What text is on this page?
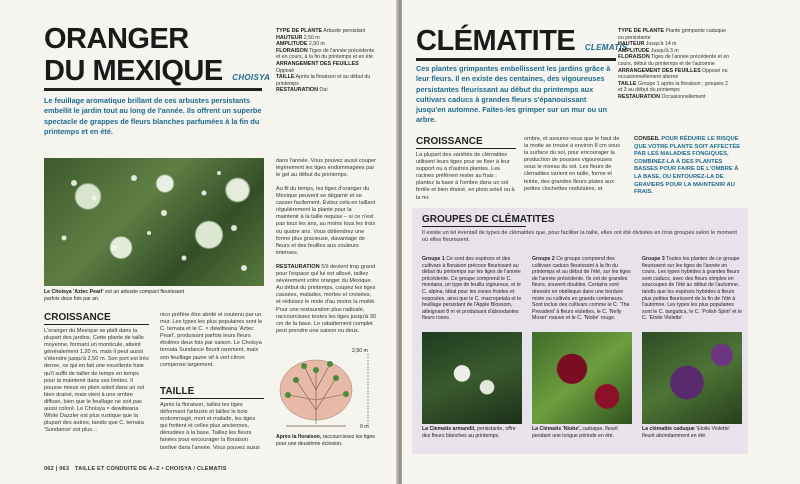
ORANGER
DU MEXIQUE CHOISYA
TYPE DE PLANTE Arbuste persistant
HAUTEUR 2,50 m
AMPLITUDE 2,50 m
FLORAISON Tiges de l'année précédente et en cours, à la fin du printemps et en été
ARRANGEMENT DES FEUILLES Opposé
TAILLE Après la floraison et au début du printemps
RESTAURATION Oui
Le feuillage aromatique brillant de ces arbustes persistants embellit le jardin tout au long de l'année. Ils offrent un superbe spectacle de grappes de fleurs blanches parfumées à la fin du printemps et en été.
Le Choisya 'Aztec Pearl' est un arbuste compact fleurissant parfois deux fois par an.
CROISSANCE
L'oranger du Mexique se plaît dans la plupart des jardins. Cette plante de taille moyenne, formant un monticule, atteint généralement 1,20 m, mais il peut aussi s'étendre jusqu'à 2,50 m. Son port est très dense, ce qui en fait une excellente haie qu'il suffit de tailler de temps en temps pour la maintenir dans ses limites. Il pousse mieux en plein soleil dans un sol bien drainé, mais vient à une ombre diffuse, bien que le feuillage ne soit pas aussi coloré. Le Choisya × dewitteana White Dazzler est plus rustique que la plupart des autres, tandis que C. ternata 'Sundance' est plus…
nico préfère être abrité et soutenu par un mur. Les types les plus populaires sont le C. ternata et le C. × dewitteana 'Aztec Pearl', produisant parfois leurs fleurs étoilées deux fois par saison. Le Choisya ternata Sundance fleurit rarement, mais son feuillage jaune vif à vert citron compense largement.
TAILLE
Après la floraison, taillez les tiges déformant l'arbuste et taillez le bois endommagé, mort et malade, les tiges qui frottent et celles plus anciennes, dénudées à la base. Taillez les fleurs fanées pour encourager la floraison tardive dans l'année. Vous pouvez aussi
dans l'année. Vous pouvez aussi couper légèrement les tiges endommagées par le gel au début du printemps.
Au fil du temps, les tiges d'oranger du Mexique peuvent se dégarnir et se casser facilement. Évitez cela en taillant régulièrement la plante pour la maintenir à la taille requise – si ce n'est pas tous les ans, au moins tous les trois ou quatre ans. Vous obtiendrez une forme plus gracieuse, davantage de fleurs et des feuilles aux couleurs intenses.
RESTAURATION S'il devient trop grand pour l'espace qui lui est alloué, taillez sévèrement votre oranger du Mexique. Au début du printemps, coupez les tiges cassées, malades, mortes et croisées, et réduisez le reste d'au moins la moitié. Pour une restauration plus radicale, raccourcissez toutes les tiges jusqu'à 30 cm de la base. Le rabattement complet peut prendre une saison ou deux.
2,50 m
0 m
Après la floraison, raccourcissez les tiges pour une deuxième éclosion.
062 | 063 TAILLE ET CONDUITE DE A–Z • CHOISYA / CLEMATIS
CLÉMATITE CLEMATIS
TYPE DE PLANTE Plante grimpante caduque ou persistante
HAUTEUR Jusqu'à 14 m
AMPLITUDE Jusqu'à 3 m
FLORAISON Tiges de l'année précédente et en cours, début du printemps et de l'automne
ARRANGEMENT DES FEUILLES Opposé ou occasionnellement alterné
TAILLE Groupe 1 après la floraison ; groupes 2 et 3 au début du printemps
RESTAURATION Occasionnellement
Ces plantes grimpantes embellissent les jardins grâce à leur fleurs. Il en existe des centaines, des vigoureuses persistantes fleurissant au début du printemps aux cultivars caducs à grandes fleurs s'épanouissant jusqu'en automne. Faites-les grimper sur un mur ou un arbre.
CROISSANCE
La plupart des variétés de clématites utilisent leurs tiges pour se fixer à leur support ou à d'autres plantes. Les racines préfèrent rester au frais ; plantez la base à l'ombre dans un sol fertile et bien drainé, en plein soleil ou à la mi-
ombre, et assurez-vous que le haut de la motte se trouve à environ 8 cm sous la surface du sol, pour encourager la production de pousses vigoureuses sous le niveau du sol. Les fleurs de clématites varient en taille, forme et teinte, des grandes fleurs plates aux petites clochettes nodulaires, et
CONSEIL POUR RÉDUIRE LE RISQUE QUE VOTRE PLANTE SOIT AFFECTÉE PAR LES MALADIES FONGIQUES, COMBINEZ-LA À DES PLANTES BASSES POUR FAIRE DE L'OMBRE À LA BASE, OU ENTOUREZ-LA DE GRAVIERS POUR LA MAINTENIR AU FRAIS.
GROUPES DE CLÉMATITES
Il existe un tel éventail de types de clématites que, pour faciliter la taille, elles ont été divisées en trois groupes selon le moment où elles fleurissent.
Groupe 1 Ce sont des espèces et des cultivars à floraison précoce fleurissant au début du printemps sur les tiges de l'année précédente. Ce groupe comprend le C. montana, un type de feuillu vigoureux, et le C. alpina, idéal pour les zones froides et exposées, ainsi que le C. macropetala et le feuillage persistant de l'Apple Blossom, atteignant 8 m et produisant d'abondantes fleurs roses.
Groupe 2 Ce groupe comprend des cultivars caducs fleurissant à la fin du printemps et au début de l'été, sur les tiges de l'année précédente. Ils ont de grandes fleurs, souvent doubles. Certains sont dressés en obélisque dans une bordure mixte ou cultivés en grands conteneurs. Sont inclus des cultivars comme le C. 'The President' à fleurs violettes, le C. 'Nelly Moser' mauve et le C. 'Niobe' rouge.
Groupe 3 Toutes les plantes de ce groupe fleurissent sur les tiges de l'année en cours. Les types hybrides à grandes fleurs sont caducs, avec des fleurs simples en soucoupes de l'été au début de l'automne, tandis que les espèces hybrides à fleurs plus petites fleurissent de la fin de l'été à l'automne. Les types les plus populaires sont le C. tangutica, le C. 'Polish Spirit' et le C. 'Etoile Violette'.
La Clematis armandii, persistante, offre des fleurs blanches au printemps.
La Clématis 'Niobe', caduque, fleurit pendant une longue période en été.
La clématite caduque 'Etoile Violette' fleurit abondamment en été.
